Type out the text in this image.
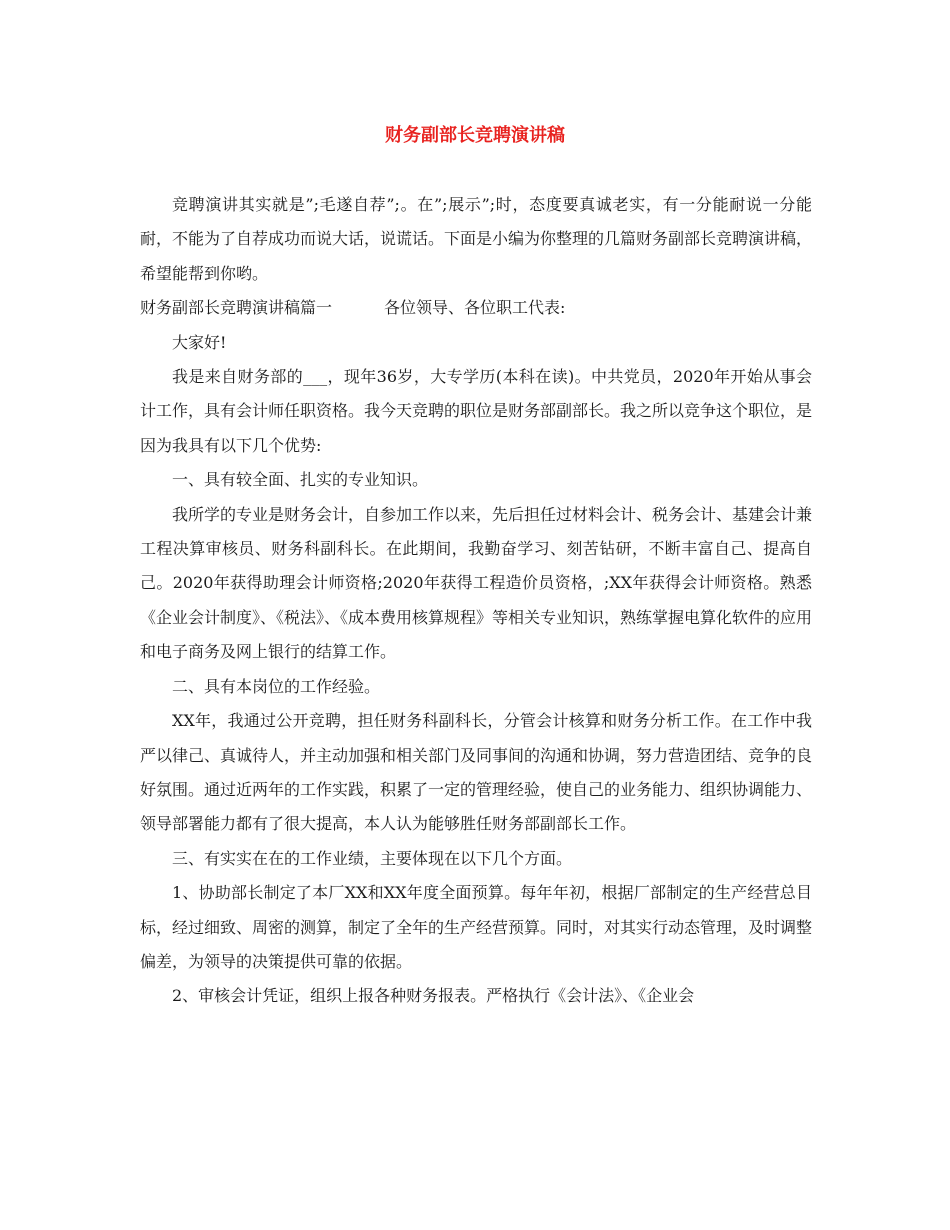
财务副部长竞聘演讲稿

竞聘演讲其实就是”;毛遂自荐”;。在”;展示”;时，态度要真诚老实，有一分能耐说一分能耐，不能为了自荐成功而说大话，说谎话。下面是小编为你整理的几篇财务副部长竞聘演讲稿，希望能帮到你哟。

财务副部长竞聘演讲稿篇一	各位领导、各位职工代表:

大家好!

我是来自财务部的___，现年36岁，大专学历(本科在读)。中共党员，2020年开始从事会计工作，具有会计师任职资格。我今天竞聘的职位是财务部副部长。我之所以竞争这个职位，是因为我具有以下几个优势:

一、具有较全面、扎实的专业知识。

我所学的专业是财务会计，自参加工作以来，先后担任过材料会计、税务会计、基建会计兼工程决算审核员、财务科副科长。在此期间，我勤奋学习、刻苦钻研，不断丰富自己、提高自己。2020年获得助理会计师资格;2020年获得工程造价员资格，;XX年获得会计师资格。熟悉《企业会计制度》、《税法》、《成本费用核算规程》等相关专业知识，熟练掌握电算化软件的应用和电子商务及网上银行的结算工作。

二、具有本岗位的工作经验。

XX年，我通过公开竞聘，担任财务科副科长，分管会计核算和财务分析工作。在工作中我严以律己、真诚待人，并主动加强和相关部门及同事间的沟通和协调，努力营造团结、竞争的良好氛围。通过近两年的工作实践，积累了一定的管理经验，使自己的业务能力、组织协调能力、领导部署能力都有了很大提高，本人认为能够胜任财务部副部长工作。

三、有实实在在的工作业绩，主要体现在以下几个方面。

1、协助部长制定了本厂XX和XX年度全面预算。每年年初，根据厂部制定的生产经营总目标，经过细致、周密的测算，制定了全年的生产经营预算。同时，对其实行动态管理，及时调整偏差，为领导的决策提供可靠的依据。

2、审核会计凭证，组织上报各种财务报表。严格执行《会计法》、《企业会
